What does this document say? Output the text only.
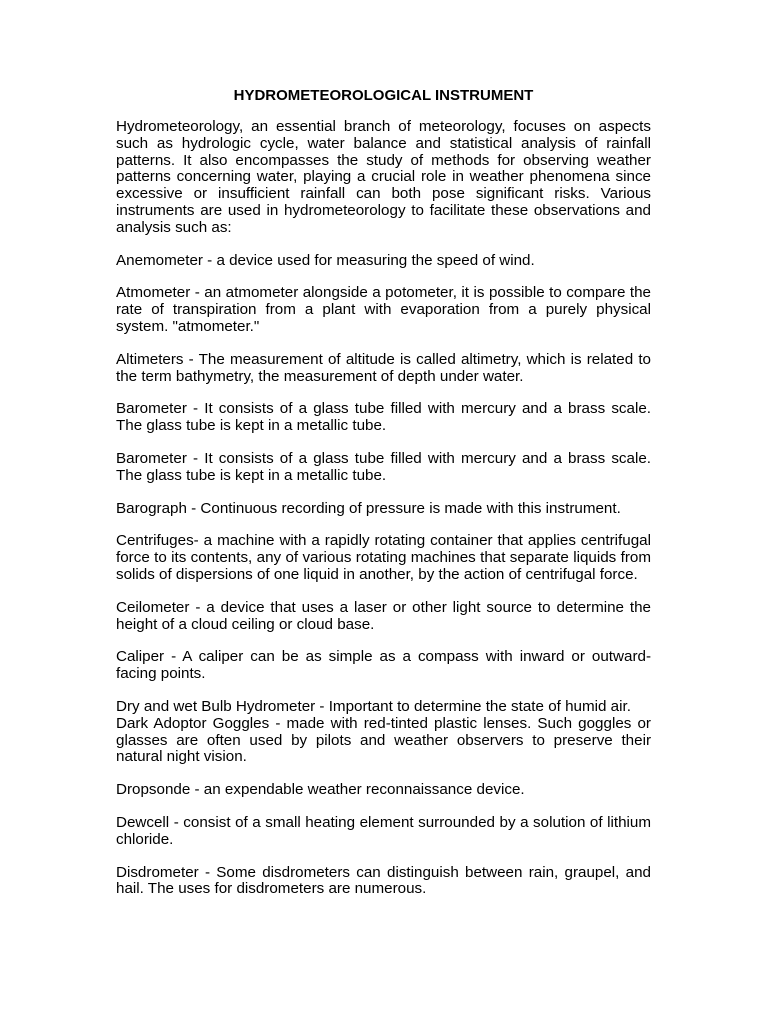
HYDROMETEOROLOGICAL INSTRUMENT

Hydrometeorology, an essential branch of meteorology, focuses on aspects such as hydrologic cycle, water balance and statistical analysis of rainfall patterns. It also encompasses the study of methods for observing weather patterns concerning water, playing a crucial role in weather phenomena since excessive or insufficient rainfall can both pose significant risks. Various instruments are used in hydrometeorology to facilitate these observations and analysis such as:

Anemometer - a device used for measuring the speed of wind.

Atmometer - an atmometer alongside a potometer, it is possible to compare the rate of transpiration from a plant with evaporation from a purely physical system. "atmometer."

Altimeters - The measurement of altitude is called altimetry, which is related to the term bathymetry, the measurement of depth under water.

Barometer - It consists of a glass tube filled with mercury and a brass scale. The glass tube is kept in a metallic tube.

Barometer - It consists of a glass tube filled with mercury and a brass scale. The glass tube is kept in a metallic tube.

Barograph - Continuous recording of pressure is made with this instrument.

Centrifuges- a machine with a rapidly rotating container that applies centrifugal force to its contents, any of various rotating machines that separate liquids from solids of dispersions of one liquid in another, by the action of centrifugal force.

Ceilometer - a device that uses a laser or other light source to determine the height of a cloud ceiling or cloud base.

Caliper - A caliper can be as simple as a compass with inward or outward-facing points.

Dry and wet Bulb Hydrometer - Important to determine the state of humid air.

Dark Adoptor Goggles - made with red-tinted plastic lenses. Such goggles or glasses are often used by pilots and weather observers to preserve their natural night vision.

Dropsonde - an expendable weather reconnaissance device.

Dewcell - consist of a small heating element surrounded by a solution of lithium chloride.

Disdrometer - Some disdrometers can distinguish between rain, graupel, and hail. The uses for disdrometers are numerous.
